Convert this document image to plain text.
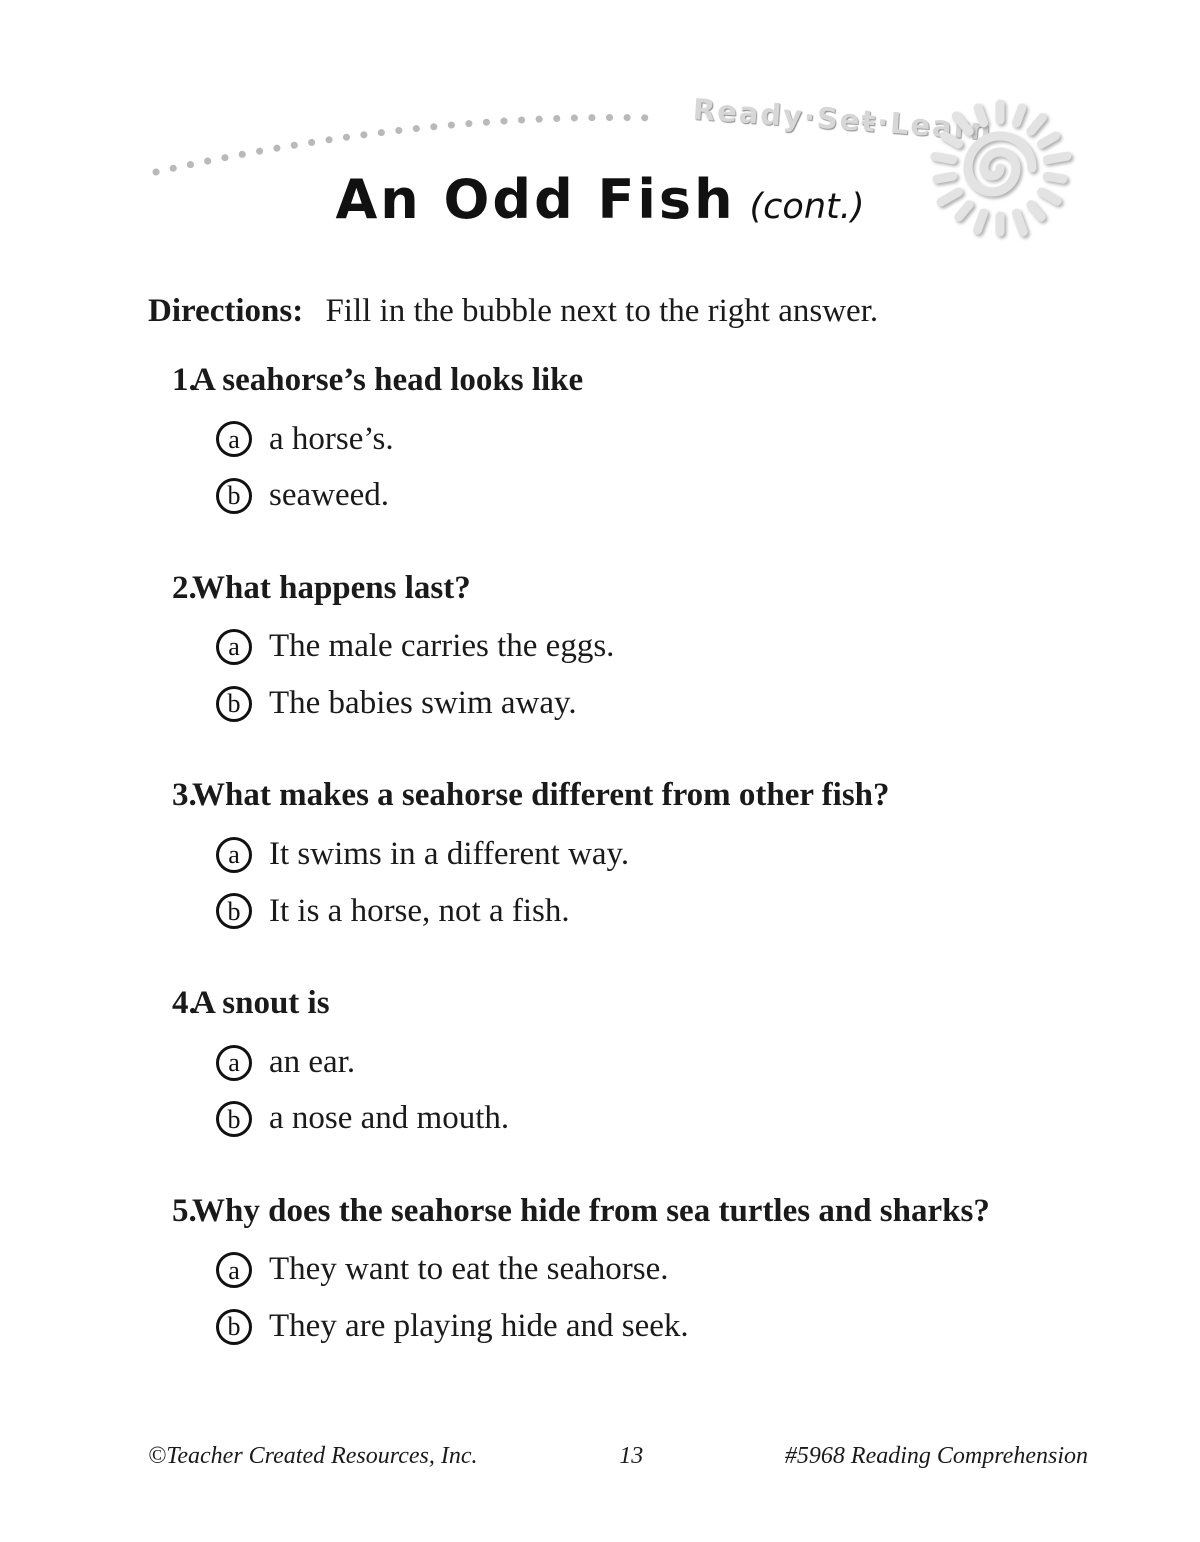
Ready·Seŧ·Learn
An Odd Fish (cont.)
Directions: Fill in the bubble next to the right answer.
1.
A seahorse’s head looks like
a a horse’s.
b seaweed.
2.
What happens last?
a The male carries the eggs.
b The babies swim away.
3.
What makes a seahorse different from other fish?
a It swims in a different way.
b It is a horse, not a fish.
4.
A snout is
a an ear.
b a nose and mouth.
5.
Why does the seahorse hide from sea turtles and sharks?
a They want to eat the seahorse.
b They are playing hide and seek.
©Teacher Created Resources, Inc.	13	#5968 Reading Comprehension
